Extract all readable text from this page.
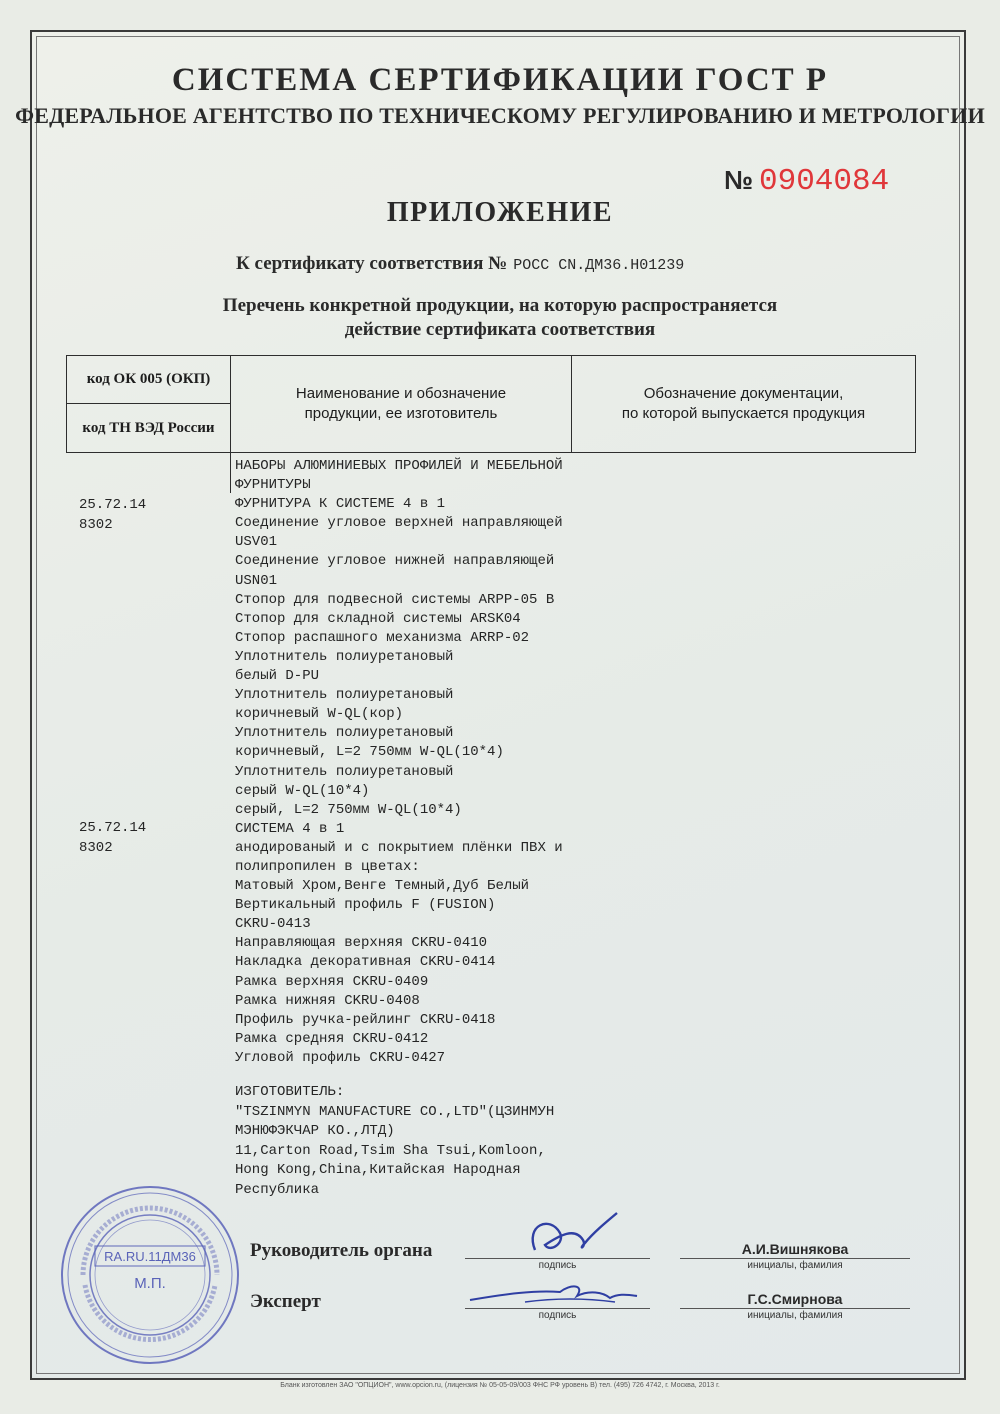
СИСТЕМА СЕРТИФИКАЦИИ ГОСТ Р
ФЕДЕРАЛЬНОЕ АГЕНТСТВО ПО ТЕХНИЧЕСКОМУ РЕГУЛИРОВАНИЮ И МЕТРОЛОГИИ
№ 0904084
ПРИЛОЖЕНИЕ
К сертификату соответствия № РОСС CN.ДМ36.Н01239
Перечень конкретной продукции, на которую распространяется
действие сертификата соответствия
код ОК 005 (ОКП)
код ТН ВЭД России
Наименование и обозначение
продукции, ее изготовитель
Обозначение документации,
по которой выпускается продукция
25.72.14
8302
25.72.14
8302
НАБОРЫ АЛЮМИНИЕВЫХ ПРОФИЛЕЙ И МЕБЕЛЬНОЙ
ФУРНИТУРЫ
ФУРНИТУРА К СИСТЕМЕ 4 в 1
Соединение угловое верхней направляющей
USV01
Соединение угловое нижней направляющей
USN01
Стопор для подвесной системы ARPP-05 B
Стопор для складной системы ARSK04
Стопор распашного механизма ARRP-02
Уплотнитель полиуретановый
белый D-PU
Уплотнитель полиуретановый
коричневый W-QL(кор)
Уплотнитель полиуретановый
коричневый, L=2 750мм W-QL(10*4)
Уплотнитель полиуретановый
серый W-QL(10*4)
серый, L=2 750мм W-QL(10*4)
СИСТЕМА 4 в 1
анодированый и с покрытием плёнки ПВХ и
полипропилен в цветах:
Матовый Хром,Венге Темный,Дуб Белый
Вертикальный профиль F (FUSION)
CKRU-0413
Направляющая верхняя CKRU-0410
Накладка декоративная CKRU-0414
Рамка верхняя CKRU-0409
Рамка нижняя CKRU-0408
Профиль ручка-рейлинг CKRU-0418
Рамка средняя CKRU-0412
Угловой профиль CKRU-0427
ИЗГОТОВИТЕЛЬ:
"TSZINMYN MANUFACTURE CO.,LTD"(ЦЗИНМУН
МЭНЮФЭКЧАР КО.,ЛТД)
11,Carton Road,Tsim Sha Tsui,Komloon,
Hong Kong,China,Китайская Народная
Республика
RA.RU.11ДМ36
М.П.
Руководитель органа
подпись
А.И.Вишнякова
инициалы, фамилия
Эксперт
подпись
Г.С.Смирнова
инициалы, фамилия
Бланк изготовлен ЗАО "ОПЦИОН", www.opcion.ru, (лицензия № 05-05-09/003 ФНС РФ уровень В) тел. (495) 726 4742, г. Москва, 2013 г.
